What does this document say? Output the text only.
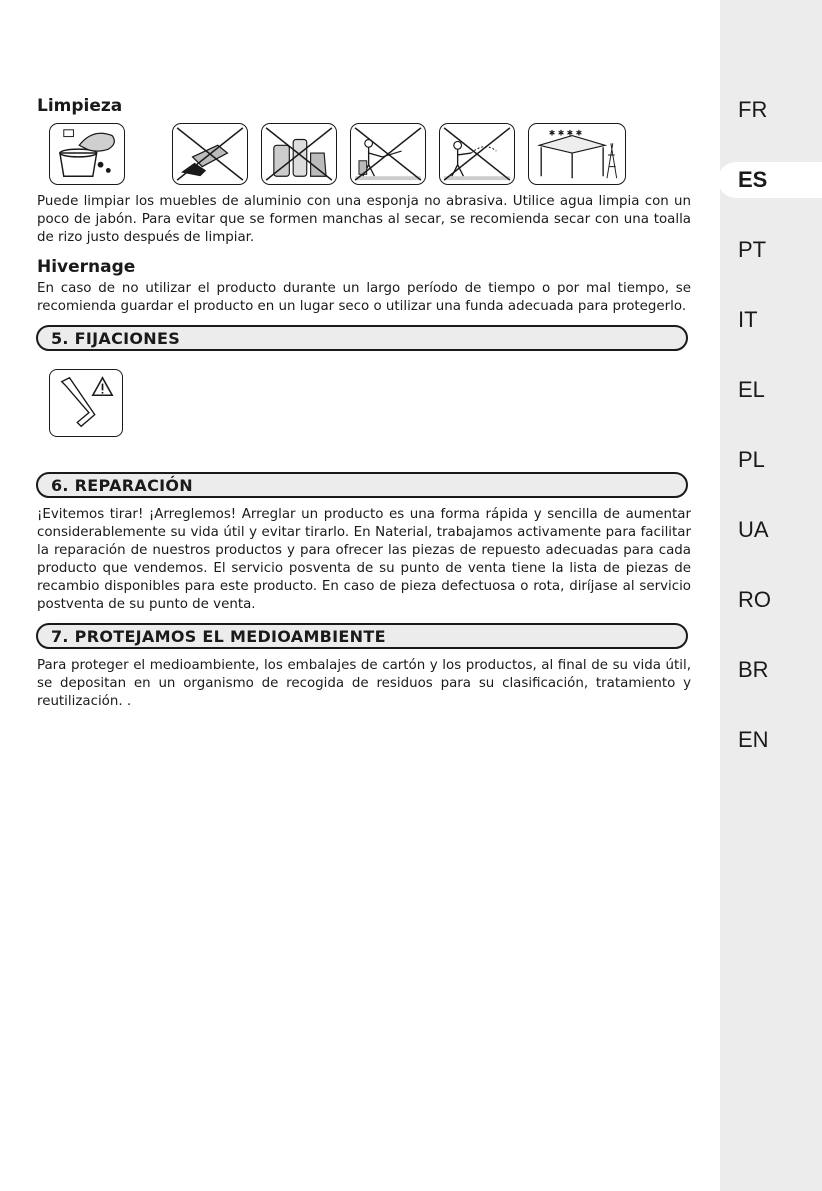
FR
ES
PT
IT
EL
PL
UA
RO
BR
EN
Limpieza
✱ ✱ ✱ ✱

Puede limpiar los muebles de aluminio con una esponja no abrasiva. Utilice agua limpia con un poco de jabón. Para evitar que se formen manchas al secar, se recomienda secar con una toalla de rizo justo después de limpiar.

Hivernage

En caso de no utilizar el producto durante un largo período de tiempo o por mal tiempo, se recomienda guardar el producto en un lugar seco o utilizar una funda adecuada para protegerlo.

5. FIJACIONES
6. REPARACIÓN

¡Evitemos tirar! ¡Arreglemos! Arreglar un producto es una forma rápida y sencilla de aumentar considerablemente su vida útil y evitar tirarlo. En Naterial, trabajamos activamente para facilitar la reparación de nuestros productos y para ofrecer las piezas de repuesto adecuadas para cada producto que vendemos. El servicio posventa de su punto de venta tiene la lista de piezas de recambio disponibles para este producto. En caso de pieza defectuosa o rota, diríjase al servicio postventa de su punto de venta.

7. PROTEJAMOS EL MEDIOAMBIENTE

Para proteger el medioambiente, los embalajes de cartón y los productos, al final de su vida útil, se depositan en un organismo de recogida de residuos para su clasificación, tratamiento y reutilización. .
